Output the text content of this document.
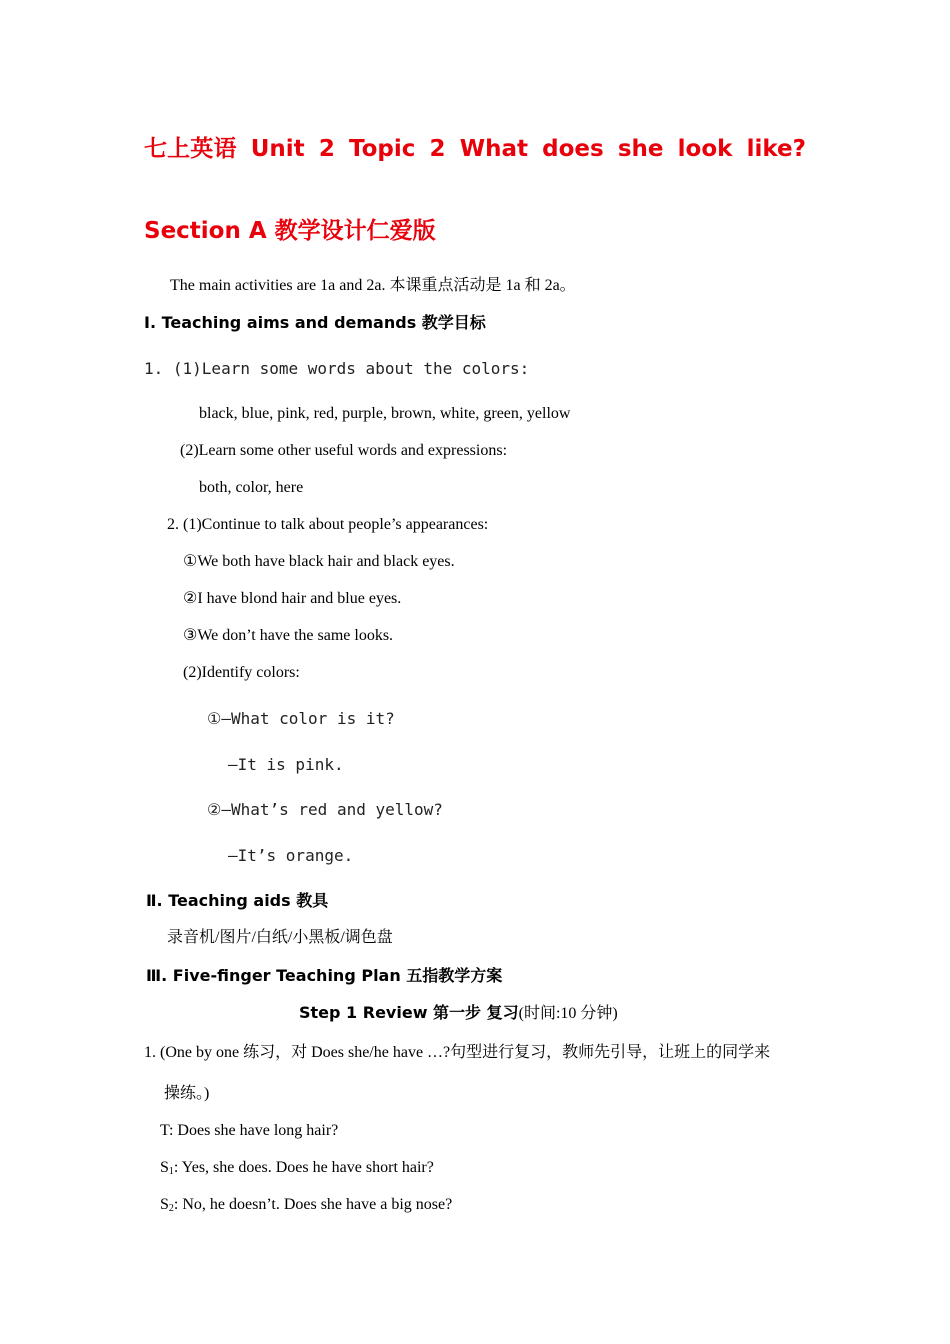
七上英语 Unit 2 Topic 2 What does she look like?
Section A 教学设计仁爱版
The main activities are 1a and 2a. 本课重点活动是 1a 和 2a。
Ⅰ. Teaching aims and demands 教学目标
1. (1)Learn some words about the colors:
black, blue, pink, red, purple, brown, white, green, yellow
(2)Learn some other useful words and expressions:
both, color, here
2. (1)Continue to talk about people’s appearances:
①We both have black hair and black eyes.
②I have blond hair and blue eyes.
③We don’t have the same looks.
(2)Identify colors:
①—What color is it?
—It is pink.
②—What’s red and yellow?
—It’s orange.
Ⅱ. Teaching aids 教具
录音机/图片/白纸/小黑板/调色盘
Ⅲ. Five-finger Teaching Plan 五指教学方案
Step 1 Review 第一步 复习(时间:10 分钟)
1. (One by one 练习，对 Does she/he have …?句型进行复习，教师先引导，让班上的同学来
操练。)
T: Does she have long hair?
$S_1$: Yes, she does. Does he have short hair?
$S_2$: No, he doesn’t. Does she have a big nose?
